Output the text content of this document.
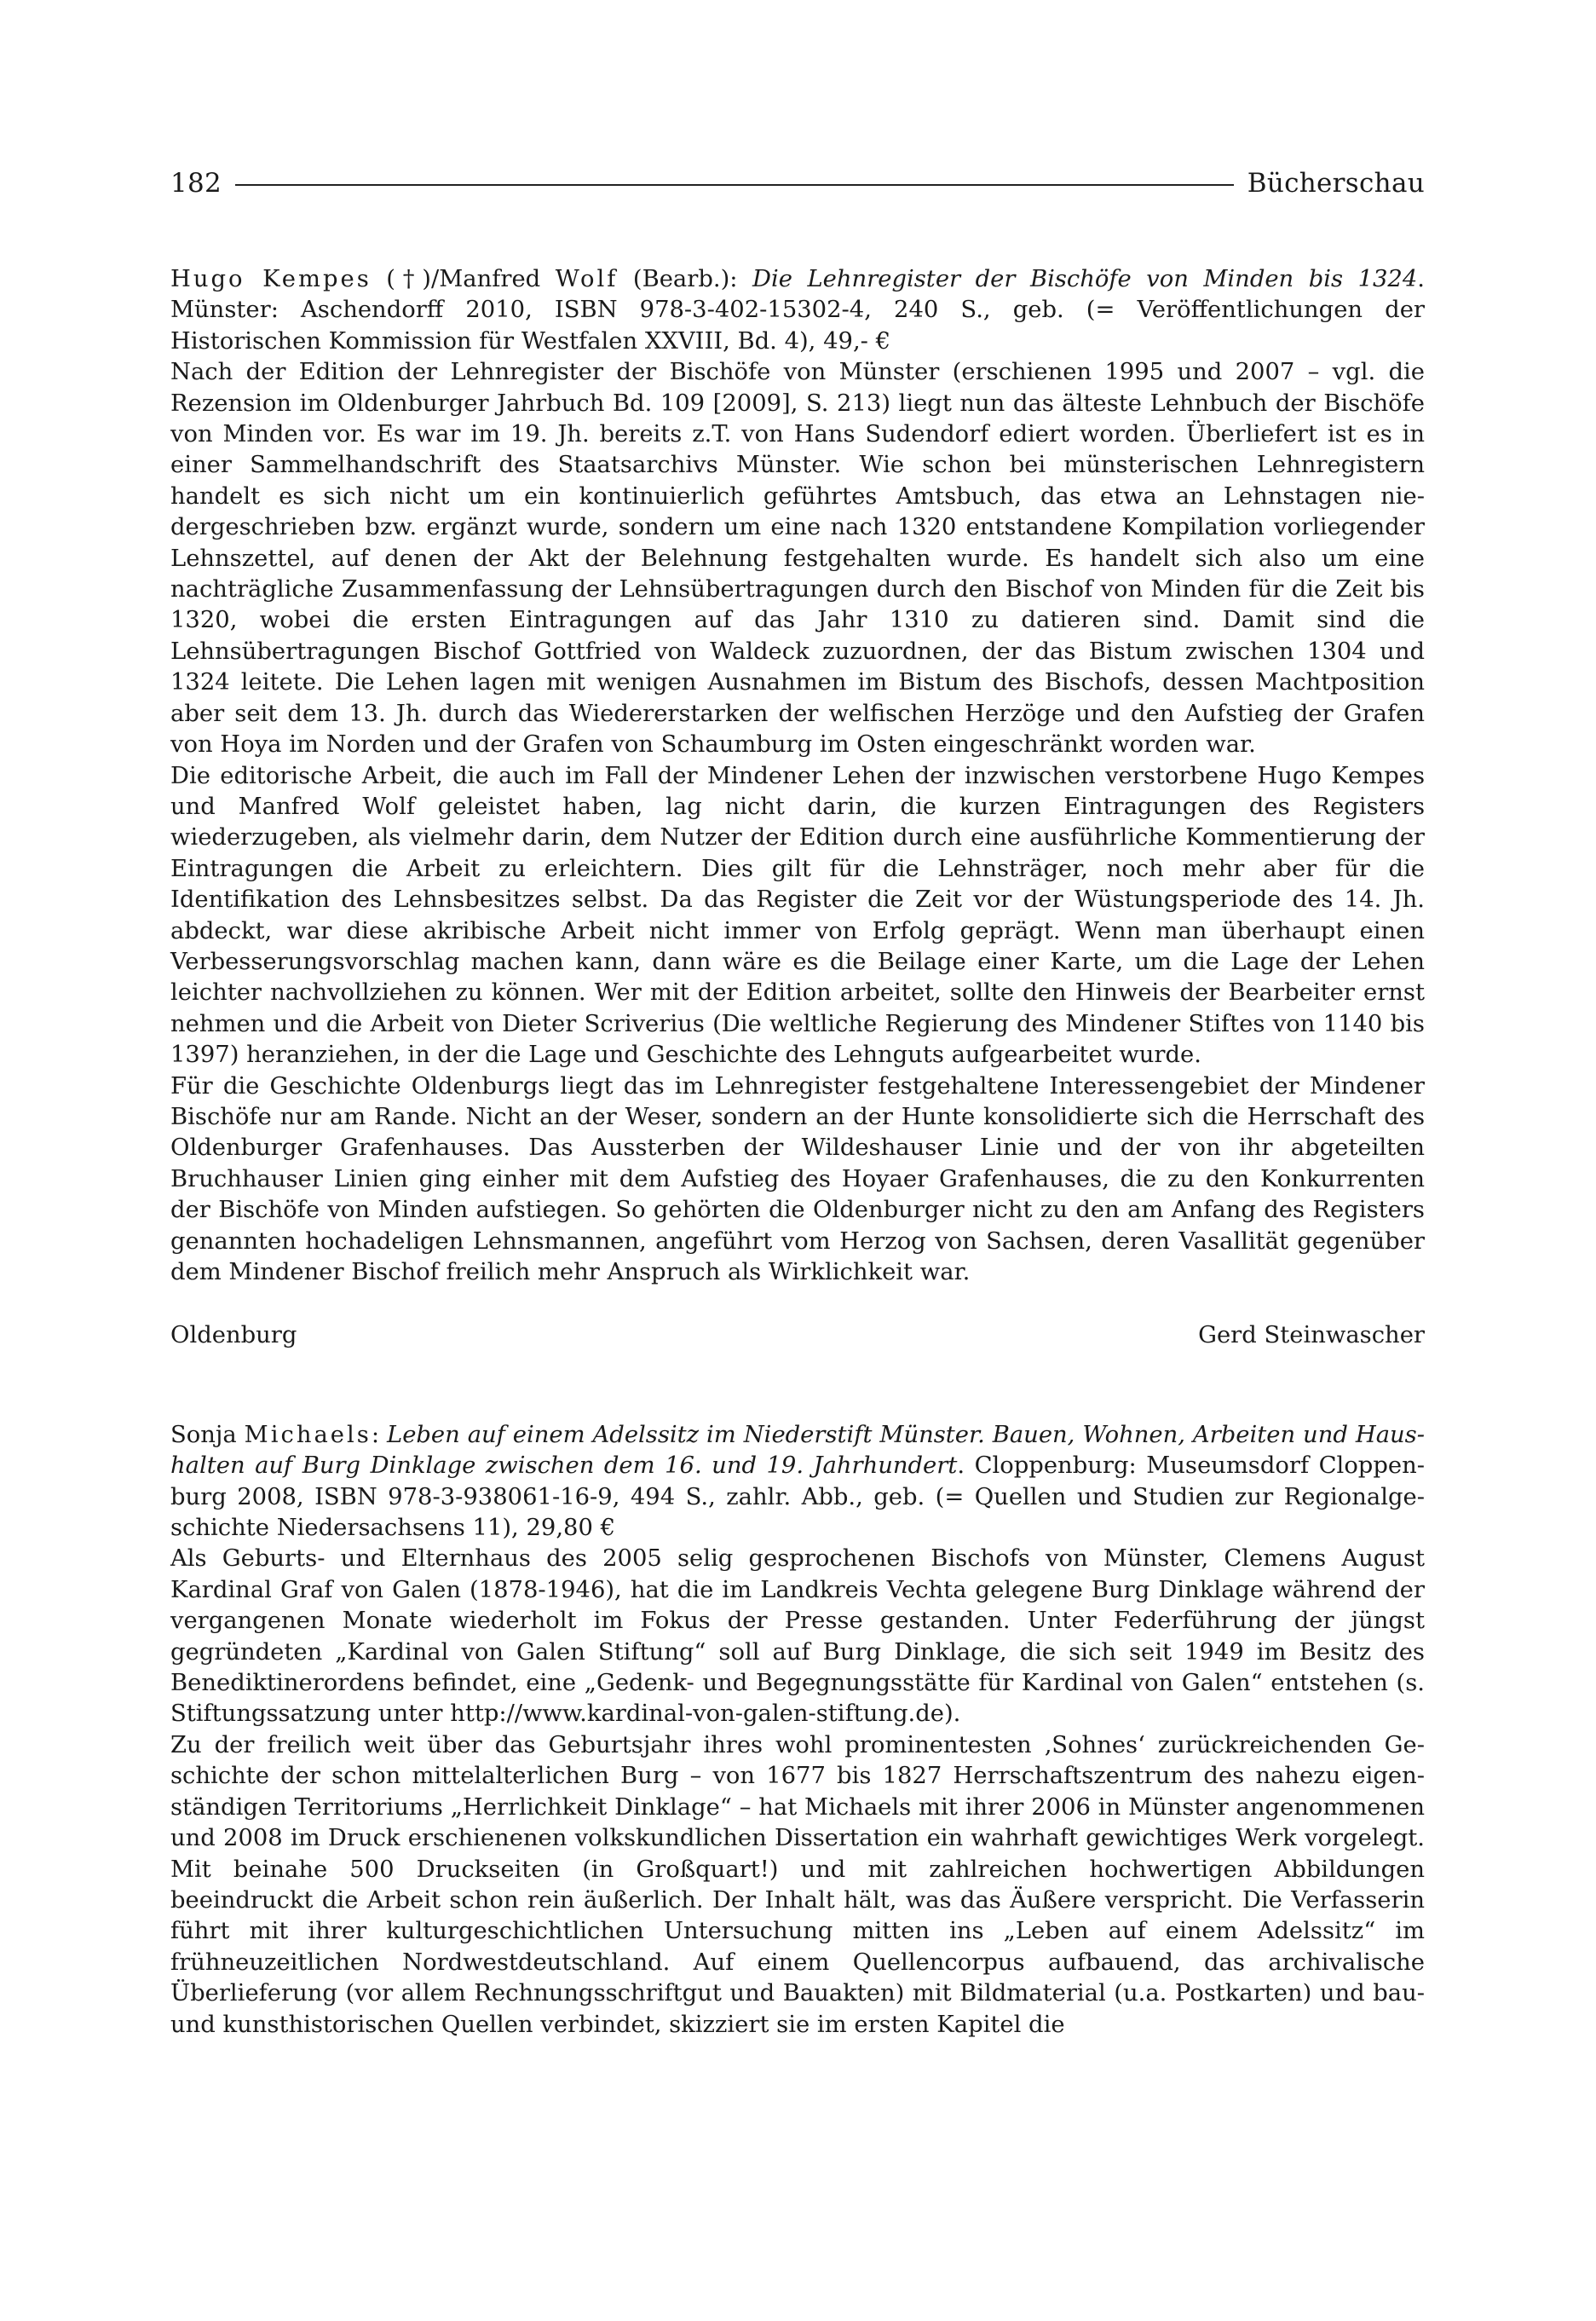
182	Bücherschau

Hugo Kempes (†)/Manfred Wolf (Bearb.): Die Lehnregister der Bischöfe von Minden bis 1324. Münster: Aschendorff 2010, ISBN 978-3-402-15302-4, 240 S., geb. (= Veröffentlichungen der Historischen Kommission für Westfalen XXVIII, Bd. 4), 49,- €

Nach der Edition der Lehnregister der Bischöfe von Münster (erschienen 1995 und 2007 – vgl. die Rezension im Oldenburger Jahrbuch Bd. 109 [2009], S. 213) liegt nun das älteste Lehnbuch der Bischöfe von Minden vor. Es war im 19. Jh. bereits z.T. von Hans Sudendorf ediert worden. Überliefert ist es in einer Sammelhandschrift des Staatsarchivs Münster. Wie schon bei münsterischen Lehnregistern handelt es sich nicht um ein kontinuierlich geführtes Amtsbuch, das etwa an Lehnstagen niedergeschrieben bzw. ergänzt wurde, sondern um eine nach 1320 entstandene Kompilation vorliegender Lehnszettel, auf denen der Akt der Belehnung festgehalten wurde. Es handelt sich also um eine nachträgliche Zusammenfassung der Lehnsübertragungen durch den Bischof von Minden für die Zeit bis 1320, wobei die ersten Eintragungen auf das Jahr 1310 zu datieren sind. Damit sind die Lehnsübertragungen Bischof Gottfried von Waldeck zuzuordnen, der das Bistum zwischen 1304 und 1324 leitete. Die Lehen lagen mit wenigen Ausnahmen im Bistum des Bischofs, dessen Machtposition aber seit dem 13. Jh. durch das Wiedererstarken der welfischen Herzöge und den Aufstieg der Grafen von Hoya im Norden und der Grafen von Schaumburg im Osten eingeschränkt worden war.

Die editorische Arbeit, die auch im Fall der Mindener Lehen der inzwischen verstorbene Hugo Kempes und Manfred Wolf geleistet haben, lag nicht darin, die kurzen Eintragungen des Registers wiederzugeben, als vielmehr darin, dem Nutzer der Edition durch eine ausführliche Kommentierung der Eintragungen die Arbeit zu erleichtern. Dies gilt für die Lehnsträger, noch mehr aber für die Identifikation des Lehnsbesitzes selbst. Da das Register die Zeit vor der Wüstungsperiode des 14. Jh. abdeckt, war diese akribische Arbeit nicht immer von Erfolg geprägt. Wenn man überhaupt einen Verbesserungsvorschlag machen kann, dann wäre es die Beilage einer Karte, um die Lage der Lehen leichter nachvollziehen zu können. Wer mit der Edition arbeitet, sollte den Hinweis der Bearbeiter ernst nehmen und die Arbeit von Dieter Scriverius (Die weltliche Regierung des Mindener Stiftes von 1140 bis 1397) heranziehen, in der die Lage und Geschichte des Lehnguts aufgearbeitet wurde.

Für die Geschichte Oldenburgs liegt das im Lehnregister festgehaltene Interessengebiet der Mindener Bischöfe nur am Rande. Nicht an der Weser, sondern an der Hunte konsolidierte sich die Herrschaft des Oldenburger Grafenhauses. Das Aussterben der Wildeshauser Linie und der von ihr abgeteilten Bruchhauser Linien ging einher mit dem Aufstieg des Hoyaer Grafenhauses, die zu den Konkurrenten der Bischöfe von Minden aufstiegen. So gehörten die Oldenburger nicht zu den am Anfang des Registers genannten hochadeligen Lehnsmannen, angeführt vom Herzog von Sachsen, deren Vasallität gegenüber dem Mindener Bischof freilich mehr Anspruch als Wirklichkeit war.

Oldenburg	Gerd Steinwascher

Sonja Michaels: Leben auf einem Adelssitz im Niederstift Münster. Bauen, Wohnen, Arbeiten und Haushalten auf Burg Dinklage zwischen dem 16. und 19. Jahrhundert. Cloppenburg: Museumsdorf Cloppenburg 2008, ISBN 978-3-938061-16-9, 494 S., zahlr. Abb., geb. (= Quellen und Studien zur Regionalgeschichte Niedersachsens 11), 29,80 €

Als Geburts- und Elternhaus des 2005 selig gesprochenen Bischofs von Münster, Clemens August Kardinal Graf von Galen (1878-1946), hat die im Landkreis Vechta gelegene Burg Dinklage während der vergangenen Monate wiederholt im Fokus der Presse gestanden. Unter Federführung der jüngst gegründeten „Kardinal von Galen Stiftung“ soll auf Burg Dinklage, die sich seit 1949 im Besitz des Benediktinerordens befindet, eine „Gedenk- und Begegnungsstätte für Kardinal von Galen“ entstehen (s. Stiftungssatzung unter http://www.kardinal-von-galen-stiftung.de).

Zu der freilich weit über das Geburtsjahr ihres wohl prominentesten ‚Sohnes‘ zurückreichenden Geschichte der schon mittelalterlichen Burg – von 1677 bis 1827 Herrschaftszentrum des nahezu eigenständigen Territoriums „Herrlichkeit Dinklage“ – hat Michaels mit ihrer 2006 in Münster angenommenen und 2008 im Druck erschienenen volkskundlichen Dissertation ein wahrhaft gewichtiges Werk vorgelegt. Mit beinahe 500 Druckseiten (in Großquart!) und mit zahlreichen hochwertigen Abbildungen beeindruckt die Arbeit schon rein äußerlich. Der Inhalt hält, was das Äußere verspricht. Die Verfasserin führt mit ihrer kulturgeschichtlichen Untersuchung mitten ins „Leben auf einem Adelssitz“ im frühneuzeitlichen Nordwestdeutschland. Auf einem Quellencorpus aufbauend, das archivalische Überlieferung (vor allem Rechnungsschriftgut und Bauakten) mit Bildmaterial (u.a. Postkarten) und bau- und kunsthistorischen Quellen verbindet, skizziert sie im ersten Kapitel die
